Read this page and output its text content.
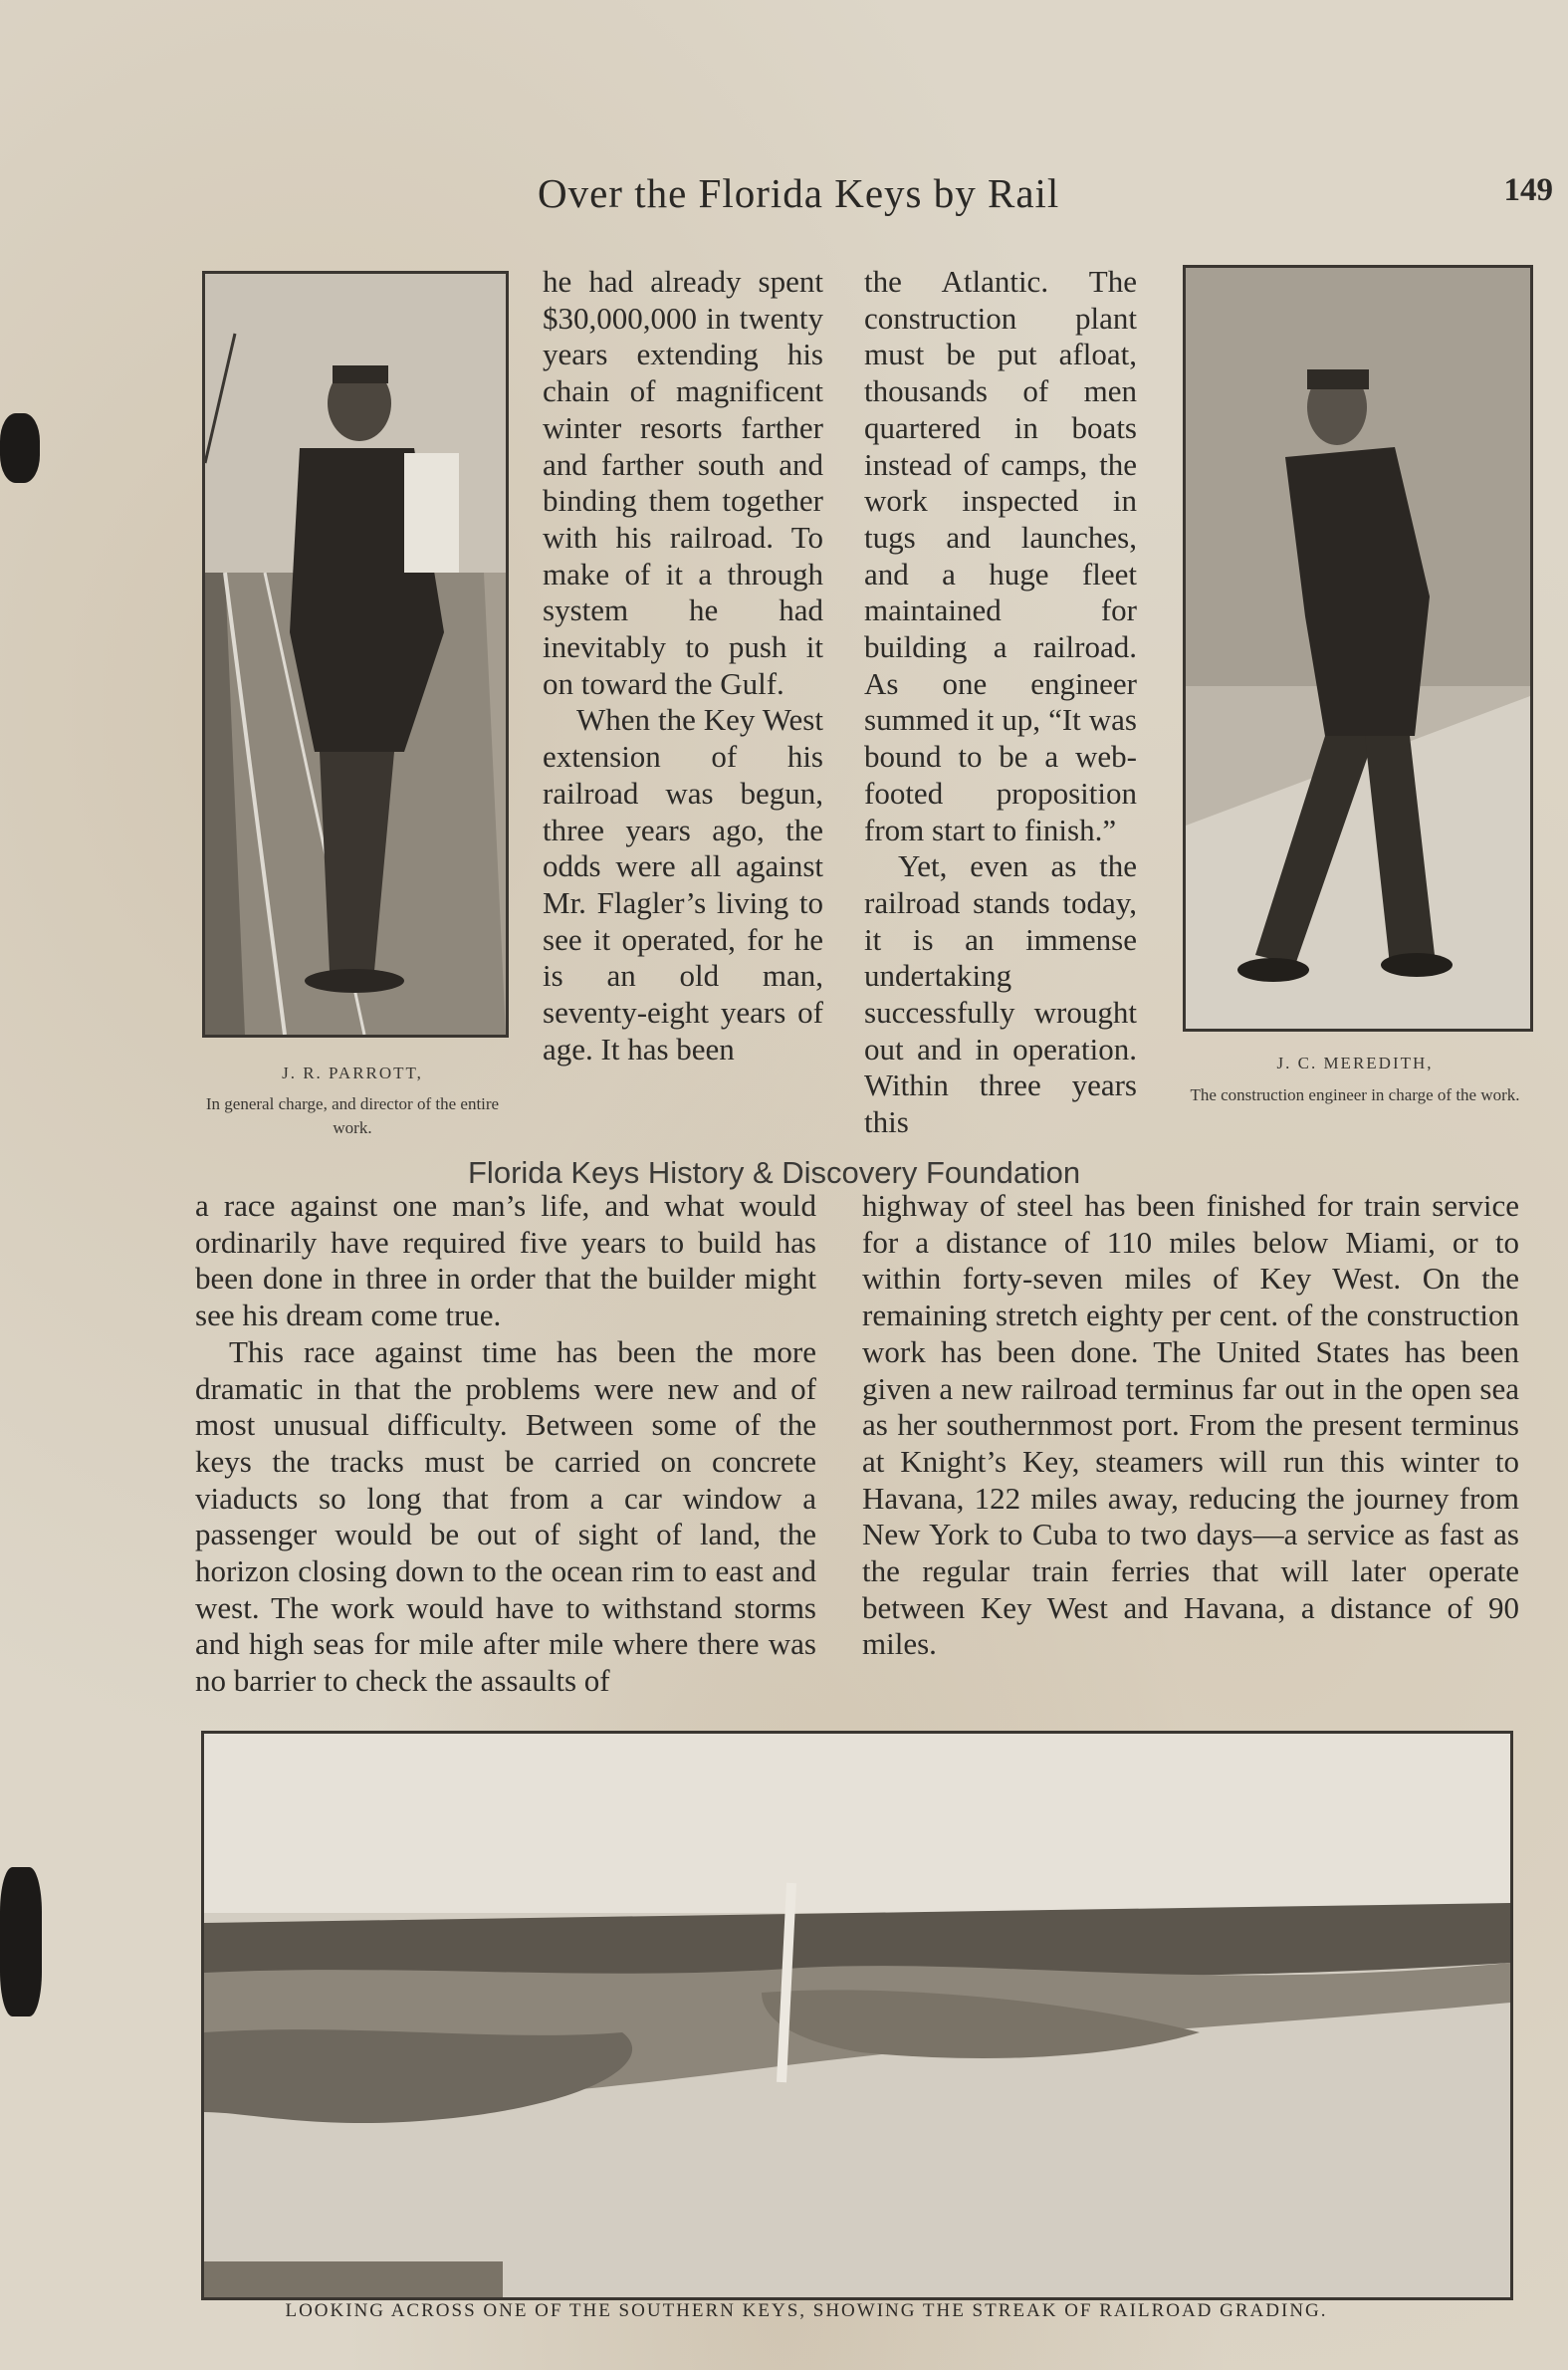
Over the Florida Keys by Rail	149
J. R. PARROTT,
In general charge, and director of the entire work.
J. C. MEREDITH,
The construction engineer in charge of the work.

he had already spent $30,000,000 in twenty years extending his chain of magnificent winter resorts farther and farther south and binding them together with his railroad. To make of it a through system he had inevitably to push it on toward the Gulf.

When the Key West extension of his railroad was begun, three years ago, the odds were all against Mr. Flagler’s living to see it operated, for he is an old man, seventy-eight years of age. It has been

the Atlantic. The construction plant must be put afloat, thousands of men quartered in boats instead of camps, the work inspected in tugs and launches, and a huge fleet maintained for building a railroad. As one engineer summed it up, “It was bound to be a web-footed proposition from start to finish.”

Yet, even as the railroad stands today, it is an immense undertaking successfully wrought out and in operation. Within three years this

Florida Keys History & Discovery Foundation

a race against one man’s life, and what would ordinarily have required five years to build has been done in three in order that the builder might see his dream come true.

This race against time has been the more dramatic in that the problems were new and of most unusual difficulty. Between some of the keys the tracks must be carried on concrete viaducts so long that from a car window a passenger would be out of sight of land, the horizon closing down to the ocean rim to east and west. The work would have to withstand storms and high seas for mile after mile where there was no barrier to check the assaults of

highway of steel has been finished for train service for a distance of 110 miles below Miami, or to within forty-seven miles of Key West. On the remaining stretch eighty per cent. of the construction work has been done. The United States has been given a new railroad terminus far out in the open sea as her southernmost port. From the present terminus at Knight’s Key, steamers will run this winter to Havana, 122 miles away, reducing the journey from New York to Cuba to two days—a service as fast as the regular train ferries that will later operate between Key West and Havana, a distance of 90 miles.

LOOKING ACROSS ONE OF THE SOUTHERN KEYS, SHOWING THE STREAK OF RAILROAD GRADING.
